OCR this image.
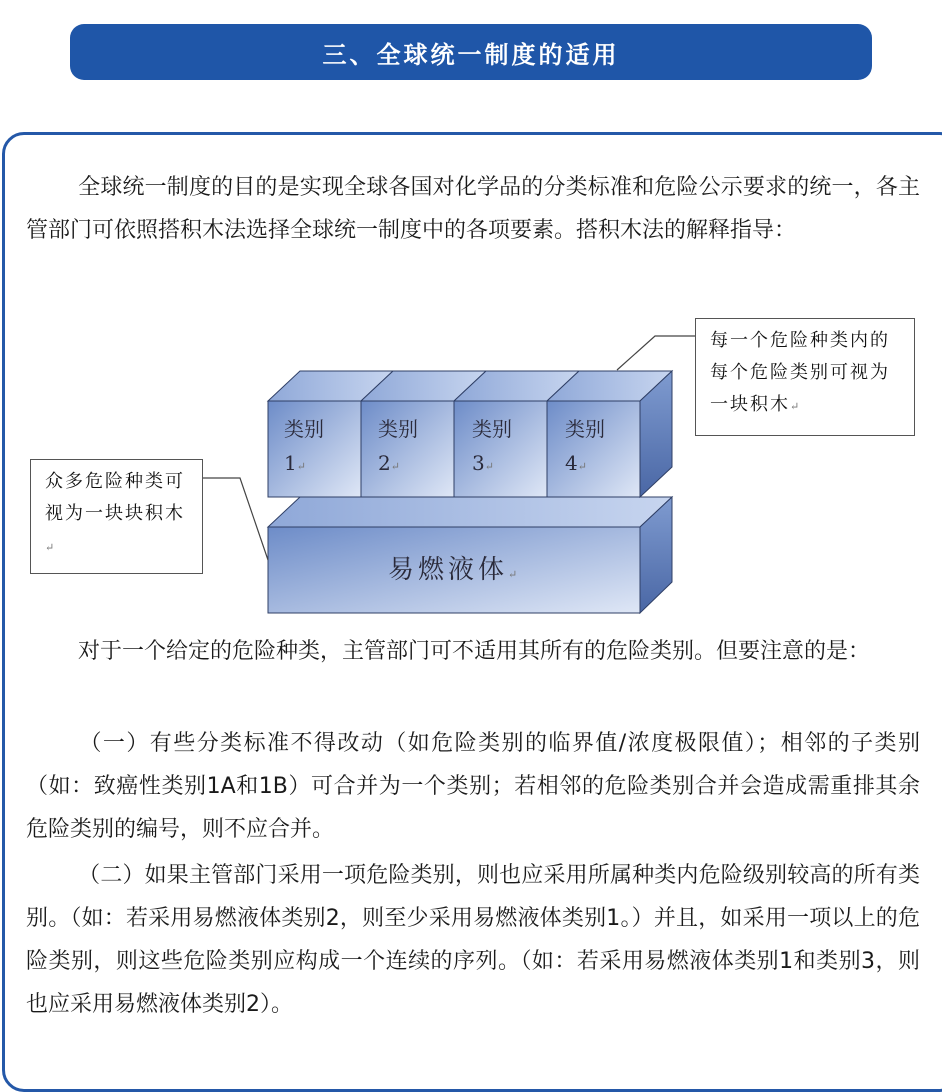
三、全球统一制度的适用

全球统一制度的目的是实现全球各国对化学品的分类标准和危险公示要求的统一，各主管部门可依照搭积木法选择全球统一制度中的各项要素。搭积木法的解释指导：

类别
1↵
类别
2↵
类别
3↵
类别
4↵
易燃液体↵
每一个危险种类内的每个危险类别可视为一块积木↵
众多危险种类可视为一块块积木↵

对于一个给定的危险种类，主管部门可不适用其所有的危险类别。但要注意的是：

（一）有些分类标准不得改动（如危险类别的临界值/浓度极限值）；相邻的子类别（如：致癌性类别1A和1B）可合并为一个类别；若相邻的危险类别合并会造成需重排其余危险类别的编号，则不应合并。

（二）如果主管部门采用一项危险类别，则也应采用所属种类内危险级别较高的所有类别。（如：若采用易燃液体类别2，则至少采用易燃液体类别1。）并且，如采用一项以上的危险类别，则这些危险类别应构成一个连续的序列。（如：若采用易燃液体类别1和类别3，则也应采用易燃液体类别2）。
